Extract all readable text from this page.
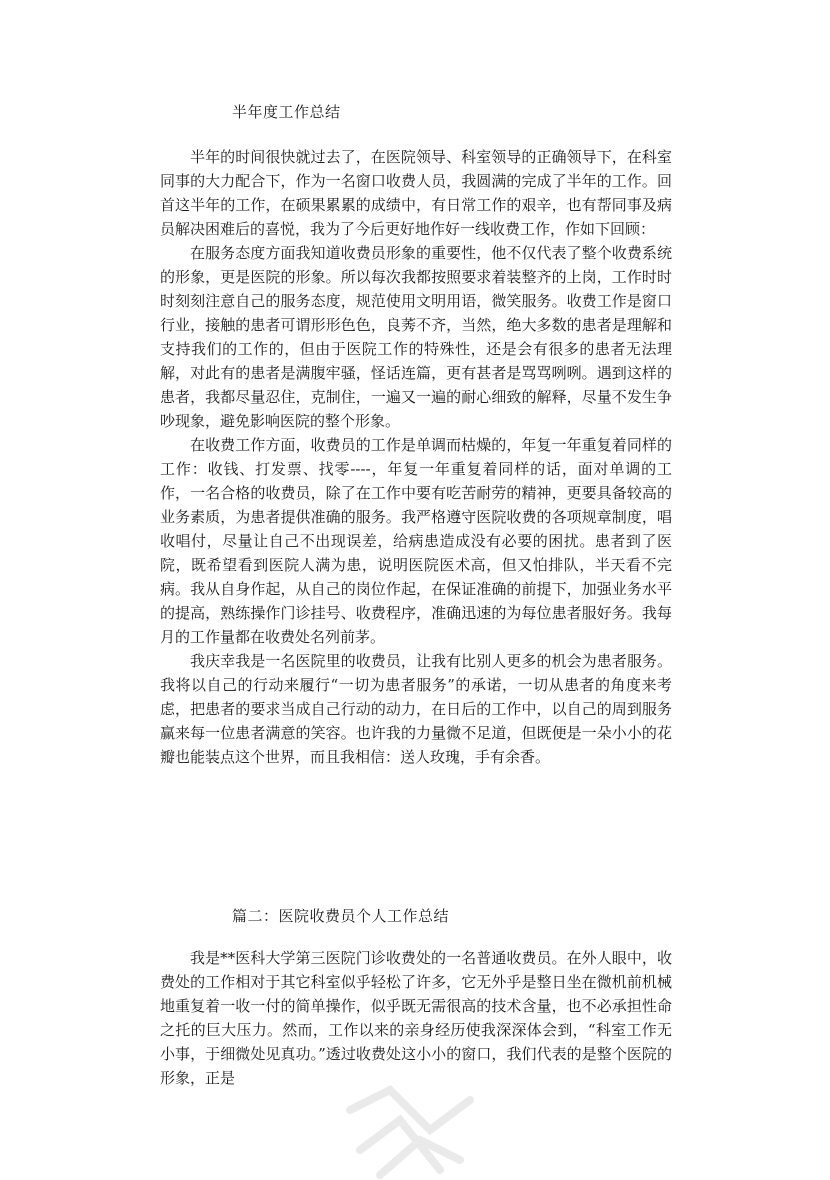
半年度工作总结

半年的时间很快就过去了，在医院领导、科室领导的正确领导下，在科室同事的大力配合下，作为一名窗口收费人员，我圆满的完成了半年的工作。回首这半年的工作，在硕果累累的成绩中，有日常工作的艰辛，也有帮同事及病员解决困难后的喜悦，我为了今后更好地作好一线收费工作，作如下回顾：

在服务态度方面我知道收费员形象的重要性，他不仅代表了整个收费系统的形象，更是医院的形象。所以每次我都按照要求着装整齐的上岗，工作时时时刻刻注意自己的服务态度，规范使用文明用语，微笑服务。收费工作是窗口行业，接触的患者可谓形形色色，良莠不齐，当然，绝大多数的患者是理解和支持我们的工作的，但由于医院工作的特殊性，还是会有很多的患者无法理解，对此有的患者是满腹牢骚，怪话连篇，更有甚者是骂骂咧咧。遇到这样的患者，我都尽量忍住，克制住，一遍又一遍的耐心细致的解释，尽量不发生争吵现象，避免影响医院的整个形象。

在收费工作方面，收费员的工作是单调而枯燥的，年复一年重复着同样的工作：收钱、打发票、找零----，年复一年重复着同样的话，面对单调的工作，一名合格的收费员，除了在工作中要有吃苦耐劳的精神，更要具备较高的业务素质，为患者提供准确的服务。我严格遵守医院收费的各项规章制度，唱收唱付，尽量让自己不出现误差，给病患造成没有必要的困扰。患者到了医院，既希望看到医院人满为患，说明医院医术高，但又怕排队，半天看不完病。我从自身作起，从自己的岗位作起，在保证准确的前提下，加强业务水平的提高，熟练操作门诊挂号、收费程序，准确迅速的为每位患者服好务。我每月的工作量都在收费处名列前茅。

我庆幸我是一名医院里的收费员，让我有比别人更多的机会为患者服务。我将以自己的行动来履行“一切为患者服务”的承诺，一切从患者的角度来考虑，把患者的要求当成自己行动的动力，在日后的工作中，以自己的周到服务赢来每一位患者满意的笑容。也许我的力量微不足道，但既便是一朵小小的花瓣也能装点这个世界，而且我相信：送人玫瑰，手有余香。

篇二：医院收费员个人工作总结

我是**医科大学第三医院门诊收费处的一名普通收费员。在外人眼中，收费处的工作相对于其它科室似乎轻松了许多，它无外乎是整日坐在微机前机械地重复着一收一付的简单操作，似乎既无需很高的技术含量，也不必承担性命之托的巨大压力。然而，工作以来的亲身经历使我深深体会到，“科室工作无小事，于细微处见真功。”透过收费处这小小的窗口，我们代表的是整个医院的形象，正是
